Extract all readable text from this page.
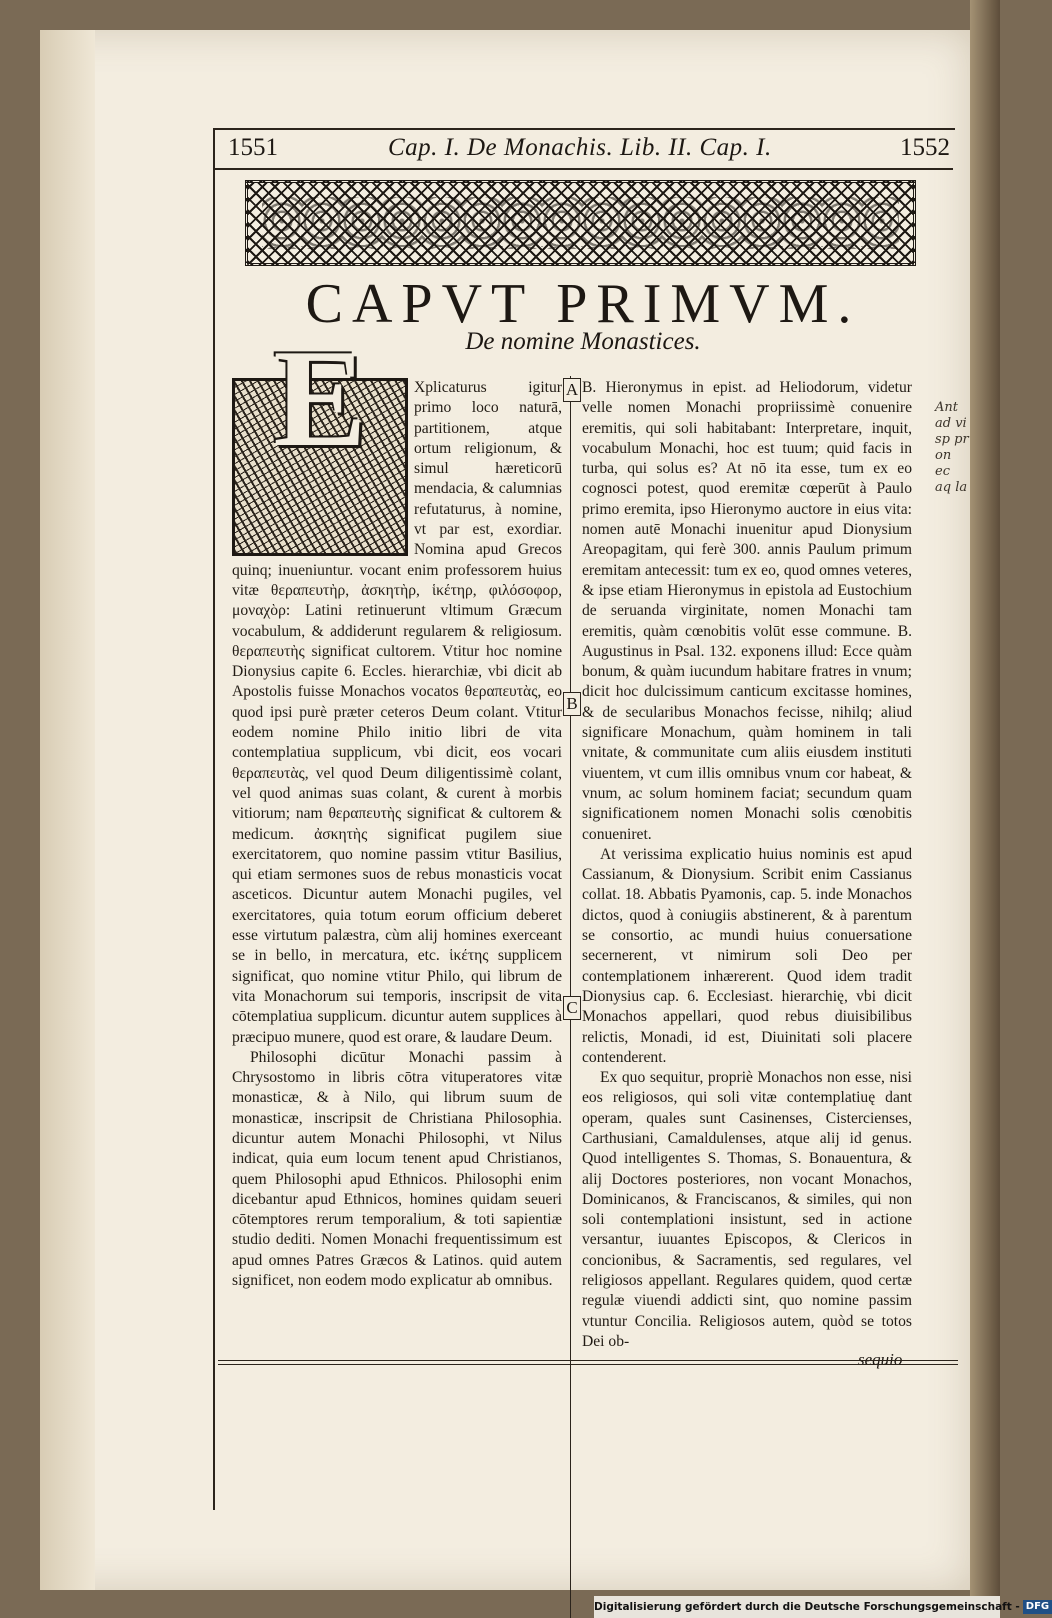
Ant ad vi sp pr on ec aq la
1551	Cap. I. De Monachis. Lib. II. Cap. I.	1552
CAPVT PRIMVM.
De nomine Monastices.
A
B
C
E	Xplicaturus igitur primo loco naturā, partitionem, atque ortum religionum, & simul hæreticorū mendacia, & calumnias refutaturus, à nomine, vt par est, exordiar. Nomina apud Grecos quinq; inueniuntur. vocant enim professorem huius vitæ θεραπευτὴρ, ἀσκητὴρ, ἱκέτηρ, φιλόσοφορ, μοναχὸρ: Latini retinuerunt vltimum Græcum vocabulum, & addiderunt regularem & religiosum. θεραπευτὴς significat cultorem. Vtitur hoc nomine Dionysius capite 6. Eccles. hierarchiæ, vbi dicit ab Apostolis fuisse Monachos vocatos θεραπευτὰς, eo quod ipsi purè præter ceteros Deum colant. Vtitur eodem nomine Philo initio libri de vita contemplatiua supplicum, vbi dicit, eos vocari θεραπευτὰς, vel quod Deum diligentissimè colant, vel quod animas suas colant, & curent à morbis vitiorum; nam θεραπευτὴς significat & cultorem & medicum. ἀσκητὴς significat pugilem siue exercitatorem, quo nomine passim vtitur Basilius, qui etiam sermones suos de rebus monasticis vocat asceticos. Dicuntur autem Monachi pugiles, vel exercitatores, quia totum eorum officium deberet esse virtutum palæstra, cùm alij homines exerceant se in bello, in mercatura, etc. ἱκέτης supplicem significat, quo nomine vtitur Philo, qui librum de vita Monachorum sui temporis, inscripsit de vita cōtemplatiua supplicum. dicuntur autem supplices à præcipuo munere, quod est orare, & laudare Deum.

Philosophi dicūtur Monachi passim à Chrysostomo in libris cōtra vituperatores vitæ monasticæ, & à Nilo, qui librum suum de monasticæ, inscripsit de Christiana Philosophia. dicuntur autem Monachi Philosophi, vt Nilus indicat, quia eum locum tenent apud Christianos, quem Philosophi apud Ethnicos. Philosophi enim dicebantur apud Ethnicos, homines quidam seueri cōtemptores rerum temporalium, & toti sapientiæ studio dediti. Nomen Monachi frequentissimum est apud omnes Patres Græcos & Latinos. quid autem significet, non eodem modo explicatur ab omnibus.

B. Hieronymus in epist. ad Heliodorum, videtur velle nomen Monachi propriissimè conuenire eremitis, qui soli habitabant: Interpretare, inquit, vocabulum Monachi, hoc est tuum; quid facis in turba, qui solus es? At nō ita esse, tum ex eo cognosci potest, quod eremitæ cœperūt à Paulo primo eremita, ipso Hieronymo auctore in eius vita: nomen autē Monachi inuenitur apud Dionysium Areopagitam, qui ferè 300. annis Paulum primum eremitam antecessit: tum ex eo, quod omnes veteres, & ipse etiam Hieronymus in epistola ad Eustochium de seruanda virginitate, nomen Monachi tam eremitis, quàm cœnobitis volūt esse commune. B. Augustinus in Psal. 132. exponens illud: Ecce quàm bonum, & quàm iucundum habitare fratres in vnum; dicit hoc dulcissimum canticum excitasse homines, & de secularibus Monachos fecisse, nihilq; aliud significare Monachum, quàm hominem in tali vnitate, & communitate cum aliis eiusdem instituti viuentem, vt cum illis omnibus vnum cor habeat, & vnum, ac solum hominem faciat; secundum quam significationem nomen Monachi solis cœnobitis conueniret.

At verissima explicatio huius nominis est apud Cassianum, & Dionysium. Scribit enim Cassianus collat. 18. Abbatis Pyamonis, cap. 5. inde Monachos dictos, quod à coniugiis abstinerent, & à parentum se consortio, ac mundi huius conuersatione secernerent, vt nimirum soli Deo per contemplationem inhærerent. Quod idem tradit Dionysius cap. 6. Ecclesiast. hierarchię, vbi dicit Monachos appellari, quod rebus diuisibilibus relictis, Monadi, id est, Diuinitati soli placere contenderent.

Ex quo sequitur, propriè Monachos non esse, nisi eos religiosos, qui soli vitæ contemplatiuę dant operam, quales sunt Casinenses, Cistercienses, Carthusiani, Camaldulenses, atque alij id genus. Quod intelligentes S. Thomas, S. Bonauentura, & alij Doctores posteriores, non vocant Monachos, Dominicanos, & Franciscanos, & similes, qui non soli contemplationi insistunt, sed in actione versantur, iuuantes Episcopos, & Clericos in concionibus, & Sacramentis, sed regulares, vel religiosos appellant. Regulares quidem, quod certæ regulæ viuendi addicti sint, quo nomine passim vtuntur Concilia. Religiosos autem, quòd se totos Dei ob-

sequio
Digitalisierung gefördert durch die Deutsche Forschungsgemeinschaft - DFG
